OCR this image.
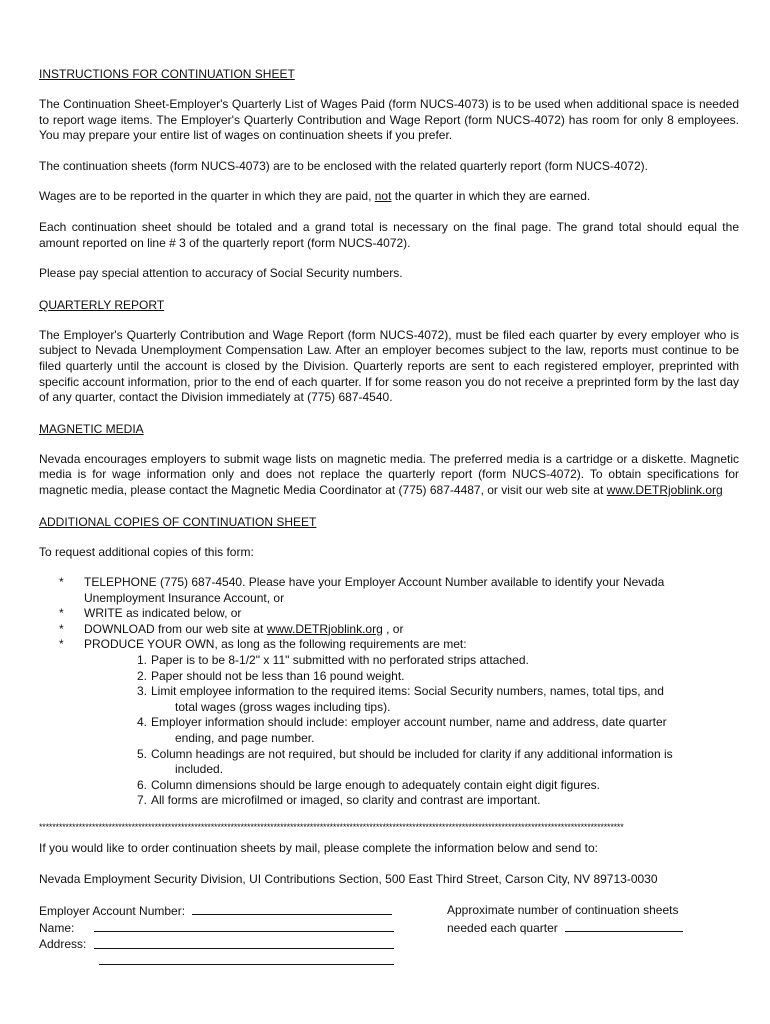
INSTRUCTIONS FOR CONTINUATION SHEET

The Continuation Sheet-Employer's Quarterly List of Wages Paid (form NUCS-4073) is to be used when additional space is needed to report wage items. The Employer's Quarterly Contribution and Wage Report (form NUCS-4072) has room for only 8 employees. You may prepare your entire list of wages on continuation sheets if you prefer.

The continuation sheets (form NUCS-4073) are to be enclosed with the related quarterly report (form NUCS-4072).

Wages are to be reported in the quarter in which they are paid, not the quarter in which they are earned.

Each continuation sheet should be totaled and a grand total is necessary on the final page. The grand total should equal the amount reported on line # 3 of the quarterly report (form NUCS-4072).

Please pay special attention to accuracy of Social Security numbers.

QUARTERLY REPORT

The Employer's Quarterly Contribution and Wage Report (form NUCS-4072), must be filed each quarter by every employer who is subject to Nevada Unemployment Compensation Law. After an employer becomes subject to the law, reports must continue to be filed quarterly until the account is closed by the Division. Quarterly reports are sent to each registered employer, preprinted with specific account information, prior to the end of each quarter. If for some reason you do not receive a preprinted form by the last day of any quarter, contact the Division immediately at (775) 687-4540.

MAGNETIC MEDIA

Nevada encourages employers to submit wage lists on magnetic media. The preferred media is a cartridge or a diskette. Magnetic media is for wage information only and does not replace the quarterly report (form NUCS-4072). To obtain specifications for magnetic media, please contact the Magnetic Media Coordinator at (775) 687-4487, or visit our web site at www.DETRjoblink.org

ADDITIONAL COPIES OF CONTINUATION SHEET

To request additional copies of this form:

*	TELEPHONE (775) 687-4540. Please have your Employer Account Number available to identify your Nevada Unemployment Insurance Account, or
*	WRITE as indicated below, or
*	DOWNLOAD from our web site at www.DETRjoblink.org , or
*	PRODUCE YOUR OWN, as long as the following requirements are met:
1. Paper is to be 8-1/2" x 11" submitted with no perforated strips attached.
2. Paper should not be less than 16 pound weight.
3. Limit employee information to the required items: Social Security numbers, names, total tips, and
total wages (gross wages including tips).
4. Employer information should include: employer account number, name and address, date quarter
ending, and page number.
5. Column headings are not required, but should be included for clarity if any additional information is
included.
6. Column dimensions should be large enough to adequately contain eight digit figures.
7. All forms are microfilmed or imaged, so clarity and contrast are important.
*********************************************************************************************************************************************************************************

If you would like to order continuation sheets by mail, please complete the information below and send to:

Nevada Employment Security Division, UI Contributions Section, 500 East Third Street, Carson City, NV 89713-0030

Employer Account Number:	Approximate number of continuation sheets
Name:	needed each quarter
Address:
